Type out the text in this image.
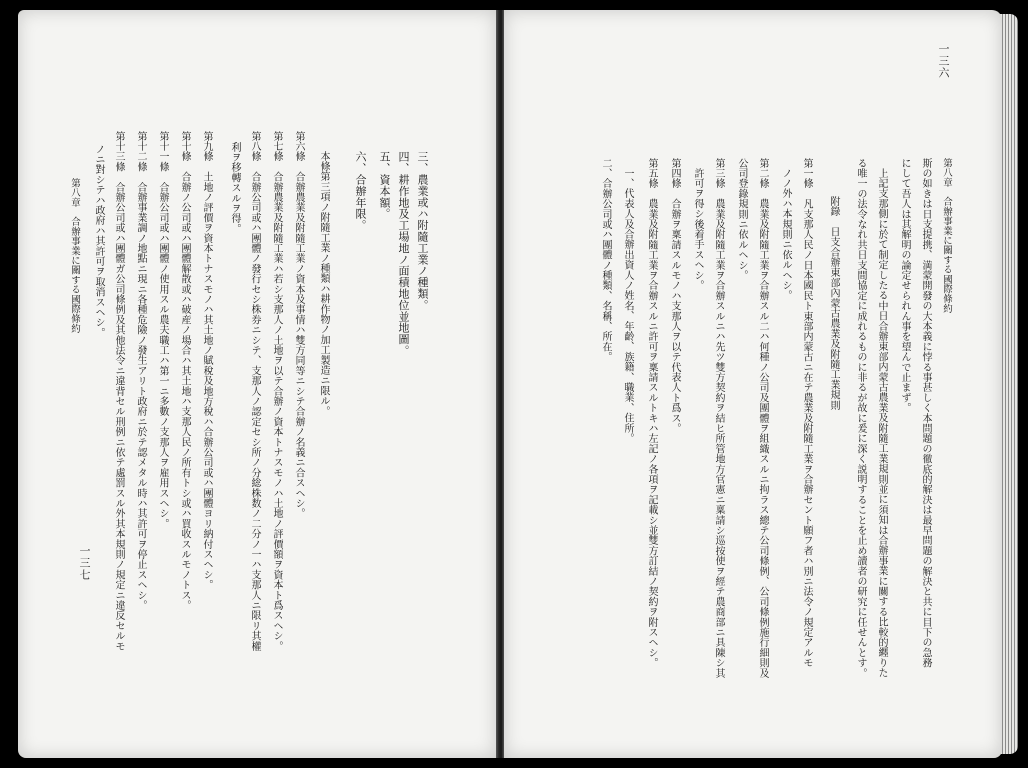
三、農業或ハ附隨工業ノ種類。
四、耕作地及工場地ノ面積地位並地圖。
五、資本額。
六、合辦年限。
本條第三項ノ附隨工業ノ種類ハ耕作物ノ加工製造ニ限ル。
第六條　合辦農業及附隨工業ノ資本及事情ハ雙方同等ニシテ合辦ノ名義ニ合スヘシ。
第七條　合辦農業及附隨工業ハ若シ支那人ノ土地ヲ以テ合辦ノ資本トナスモノハ土地ノ評價額ヲ資本ト爲スヘシ。
第八條　合辦公司或ハ團體ノ發行セシ株券ニシテ、支那人ノ認定セシ所ノ分総株数ノ二分ノ一ハ支那人ニ限リ其權
利ヲ移轉スルヲ得。
第九條　土地ノ評價ヲ資本トナスモノハ其土地ノ賦稅及地方稅ハ合辦公司或ハ團體ヨリ納付スヘシ。
第十條　合辦ノ公司或ハ團體解散或ハ破産ノ場合ハ其土地ハ支那人民ノ所有トシ或ハ買收スルモノトス。
第十一條　合辦公司或ハ團體ノ使用スル農夫職工ハ第一ニ多數ノ支那人ヲ雇用スヘシ。
第十二條　合辦事業調ノ地點ニ現ニ各種危險ノ發生アリト政府ニ於テ認メタル時ハ其許可ヲ停止スヘシ。
第十三條　合辦公司或ハ團體ガ公司條例及其他法令ニ違背セル刑例ニ依テ處罰スル外其本規則ノ規定ニ違反セルモ
ノニ對シテハ政府ハ其許可ヲ取消スヘシ。
第八章　合辦事業に關する國際條約
一三七
一三六
第八章　合辦事業に關する國際條約
斯の如きは日支提携、満蒙開發の大本義に悖る事甚しく本問題の徹底的解決は最早問題の解決と共に目下の急務
にして吾人は其解明の論定せられん事を望んで止まず。
上記支那側に於て制定したる中日合辦東部内蒙古農業及附隨工業規則並に須知は合辦事業に關する比較的纒りた
る唯一の法令なれ共日支間協定に成れるものに非るが故に爰に深く説明することを止め讀者の研究に任せんとす。
附錄　日支合辦東部內蒙古農業及附隨工業規則
第一條　凡支那人民ノ日本國民ト東部内蒙古ニ在テ農業及附隨工業ヲ合辦セント願フ者ハ別ニ法令ノ規定アルモ
ノノ外ハ本規則ニ依ルヘシ。
第二條　農業及附隨工業ヲ合辦スル二ハ何種ノ公司及團體ヲ組織スルニ拘ラス總テ公司條例、公司條例施行細則及
公司登錄規則ニ依ルヘシ。
第三條　農業及附隨工業ヲ合辦スルニハ先ツ雙方契約ヲ結ヒ所管地方官憲ニ稟請シ巡按使ヲ經テ農商部ニ具陳シ其
許可ヲ得シ後着手スヘシ。
第四條　合辦ヲ稟請スルモノハ支那人ヲ以テ代表人ト爲ス。
第五條　農業及附隨工業ヲ合辦スルニ許可ヲ稟請スルトキハ左記ノ各項ヲ記載シ並雙方訂結ノ契約ヲ附スヘシ。
一、代表人及合辦出資人ノ姓名、年齡、族籍、職業、住所。
二、合辦公司或ハ團體ノ種類、名稱、所在。
